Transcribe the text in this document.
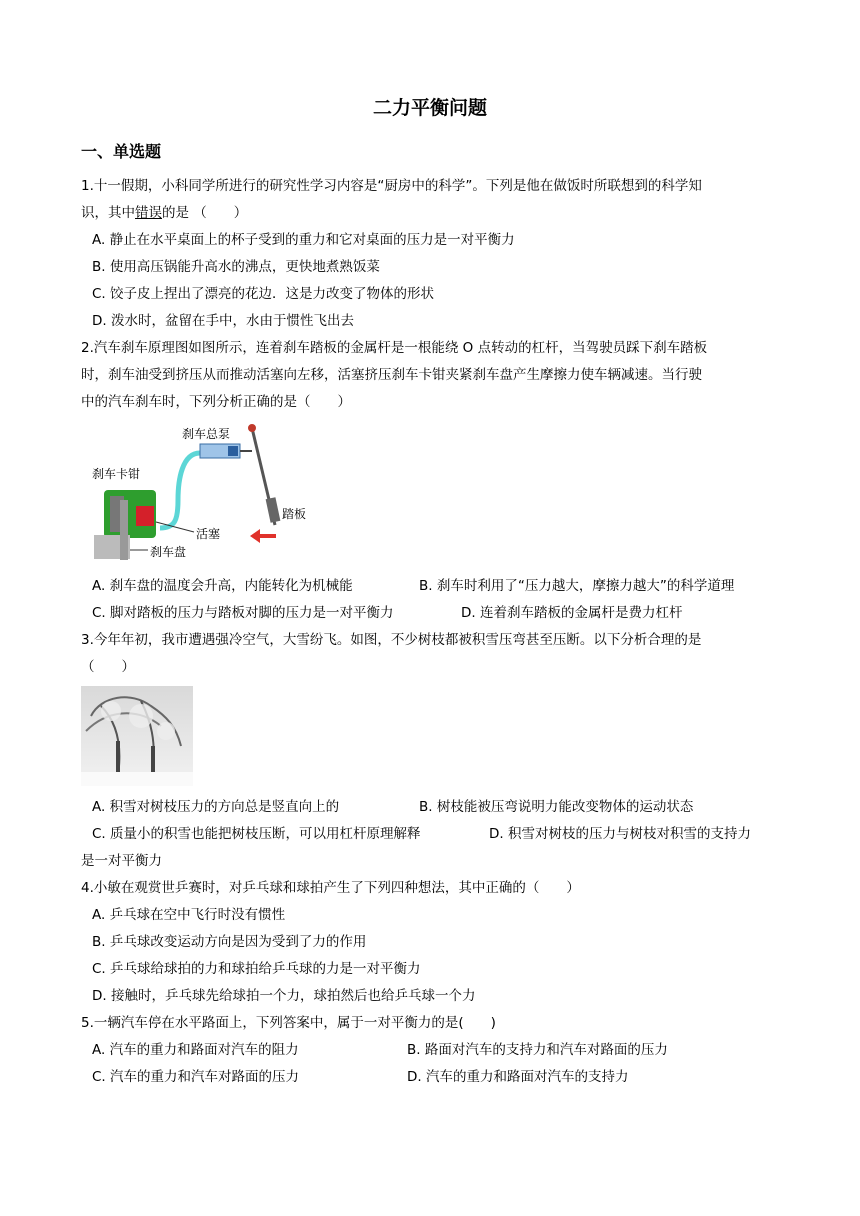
二力平衡问题
一、单选题
1.十一假期，小科同学所进行的研究性学习内容是“厨房中的科学”。下列是他在做饭时所联想到的科学知
识，其中错误的是 （　　）
A. 静止在水平桌面上的杯子受到的重力和它对桌面的压力是一对平衡力
B. 使用高压锅能升高水的沸点，更快地煮熟饭菜
C. 饺子皮上捏出了漂亮的花边．这是力改变了物体的形状
D. 泼水时，盆留在手中，水由于惯性飞出去
2.汽车刹车原理图如图所示，连着刹车踏板的金属杆是一根能绕 O 点转动的杠杆，当驾驶员踩下刹车踏板
时，刹车油受到挤压从而推动活塞向左移，活塞挤压刹车卡钳夹紧刹车盘产生摩擦力使车辆减速。当行驶
中的汽车刹车时，下列分析正确的是（　　）
刹车总泵
刹车卡钳
踏板
活塞
刹车盘
A. 刹车盘的温度会升高，内能转化为机械能	B. 刹车时利用了“压力越大，摩擦力越大”的科学道理
C. 脚对踏板的压力与踏板对脚的压力是一对平衡力	D. 连着刹车踏板的金属杆是费力杠杆
3.今年年初，我市遭遇强冷空气，大雪纷飞。如图，不少树枝都被积雪压弯甚至压断。以下分析合理的是
（　　）
A. 积雪对树枝压力的方向总是竖直向上的	B. 树枝能被压弯说明力能改变物体的运动状态
C. 质量小的积雪也能把树枝压断，可以用杠杆原理解释	D. 积雪对树枝的压力与树枝对积雪的支持力
是一对平衡力
4.小敏在观赏世乒赛时，对乒乓球和球拍产生了下列四种想法，其中正确的（　　）
A. 乒乓球在空中飞行时没有惯性
B. 乒乓球改变运动方向是因为受到了力的作用
C. 乒乓球给球拍的力和球拍给乒乓球的力是一对平衡力
D. 接触时，乒乓球先给球拍一个力，球拍然后也给乒乓球一个力
5.一辆汽车停在水平路面上，下列答案中，属于一对平衡力的是(　　)
A. 汽车的重力和路面对汽车的阻力	B. 路面对汽车的支持力和汽车对路面的压力
C. 汽车的重力和汽车对路面的压力	D. 汽车的重力和路面对汽车的支持力
